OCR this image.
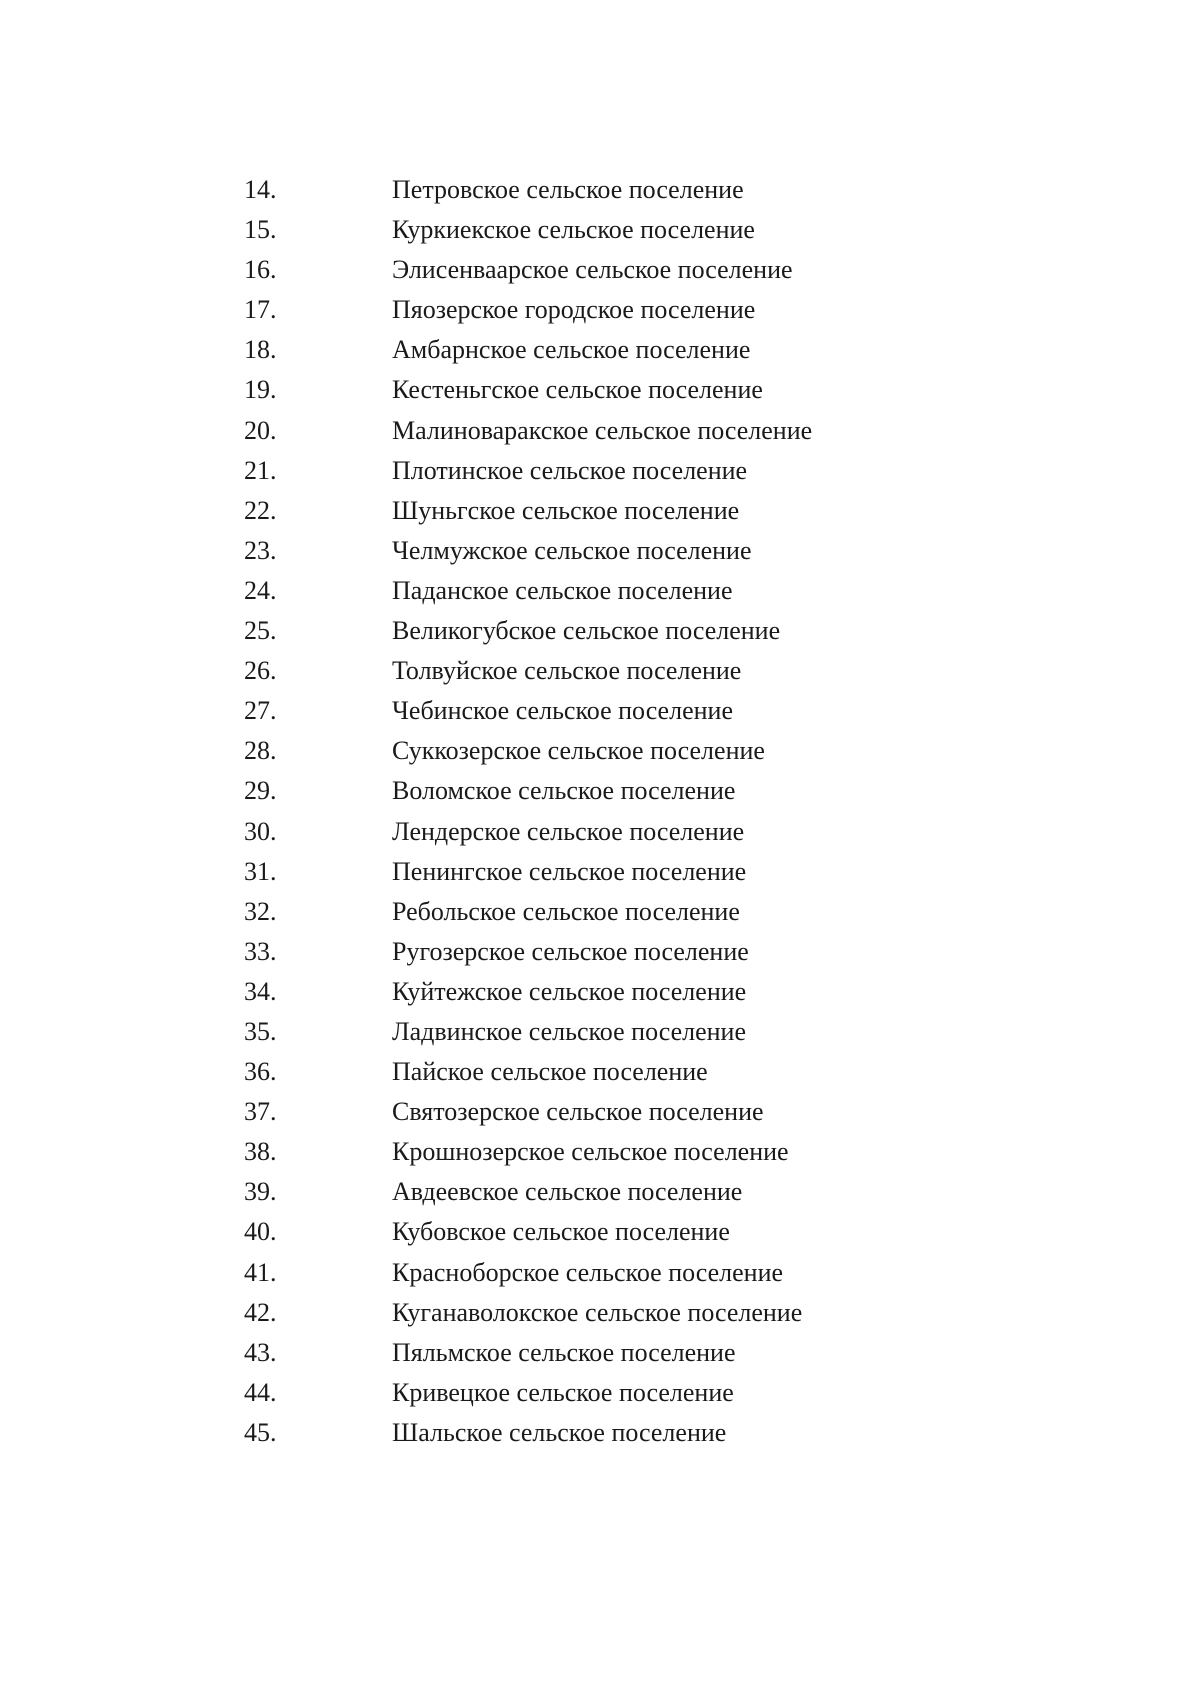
14.	Петровское сельское поселение
15.	Куркиекское сельское поселение
16.	Элисенваарское сельское поселение
17.	Пяозерское городское поселение
18.	Амбарнское сельское поселение
19.	Кестеньгское сельское поселение
20.	Малиноваракское сельское поселение
21.	Плотинское сельское поселение
22.	Шуньгское сельское поселение
23.	Челмужское сельское поселение
24.	Паданское сельское поселение
25.	Великогубское сельское поселение
26.	Толвуйское сельское поселение
27.	Чебинское сельское поселение
28.	Суккозерское сельское поселение
29.	Воломское сельское поселение
30.	Лендерское сельское поселение
31.	Пенингское сельское поселение
32.	Ребольское сельское поселение
33.	Ругозерское сельское поселение
34.	Куйтежское сельское поселение
35.	Ладвинское сельское поселение
36.	Пайское сельское поселение
37.	Святозерское сельское поселение
38.	Крошнозерское сельское поселение
39.	Авдеевское сельское поселение
40.	Кубовское сельское поселение
41.	Красноборское сельское поселение
42.	Куганаволокское сельское поселение
43.	Пяльмское сельское поселение
44.	Кривецкое сельское поселение
45.	Шальское сельское поселение
